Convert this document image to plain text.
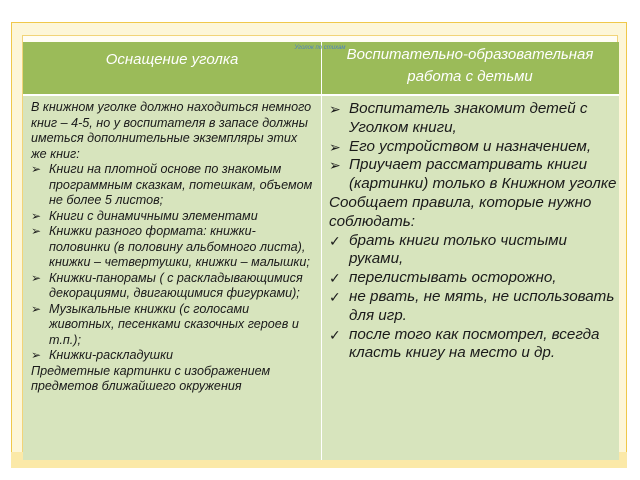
Уголок по стихам
Оснащение уголка	Воспитательно-образовательная работа с детьми
В книжном уголке должно находиться немного книг – 4-5, но у воспитателя в запасе должны иметься дополнительные экземпляры этих же книг:
➢ Книги на плотной основе по знакомым программным сказкам, потешкам, объемом не более 5 листов;
➢ Книги с динамичными элементами
➢ Книжки разного формата: книжки-половинки (в половину альбомного листа), книжки – четвертушки, книжки – малышки;
➢ Книжки-панорамы ( с раскладывающимися декорациями, двигающимися фигурками);
➢ Музыкальные книжки (с голосами животных, песенками сказочных героев и т.п.);
➢ Книжки-раскладушки
Предметные картинки с изображением предметов ближайшего окружения
➢ Воспитатель знакомит детей с Уголком книги,
➢ Его устройством и назначением,
➢ Приучает рассматривать книги (картинки) только в Книжном уголке
Сообщает правила, которые нужно соблюдать:
✓ брать книги только чистыми руками,
✓ перелистывать осторожно,
✓ не рвать, не мять, не использовать для игр.
✓ после того как посмотрел, всегда класть книгу на место и др.
